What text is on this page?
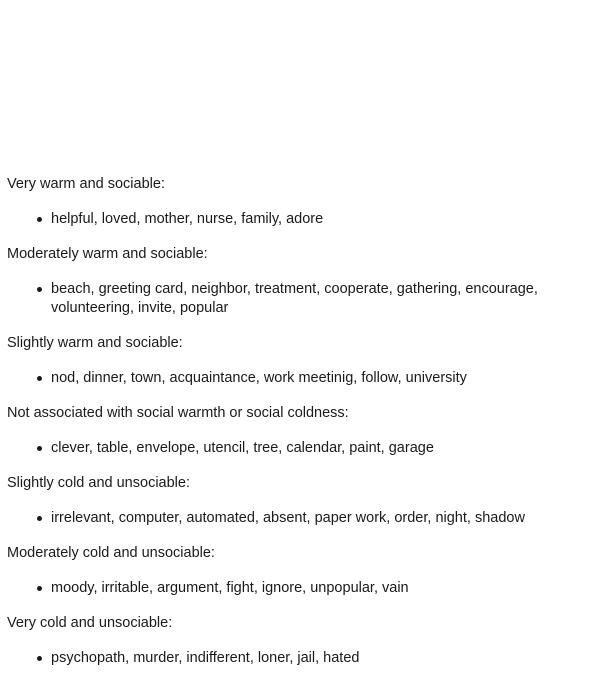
Very warm and sociable:

helpful, loved, mother, nurse, family, adore

Moderately warm and sociable:

beach, greeting card, neighbor, treatment, cooperate, gathering, encourage, volunteering, invite, popular

Slightly warm and sociable:

nod, dinner, town, acquaintance, work meetinig, follow, university

Not associated with social warmth or social coldness:

clever, table, envelope, utencil, tree, calendar, paint, garage

Slightly cold and unsociable:

irrelevant, computer, automated, absent, paper work, order, night, shadow

Moderately cold and unsociable:

moody, irritable, argument, fight, ignore, unpopular, vain

Very cold and unsociable:

psychopath, murder, indifferent, loner, jail, hated
